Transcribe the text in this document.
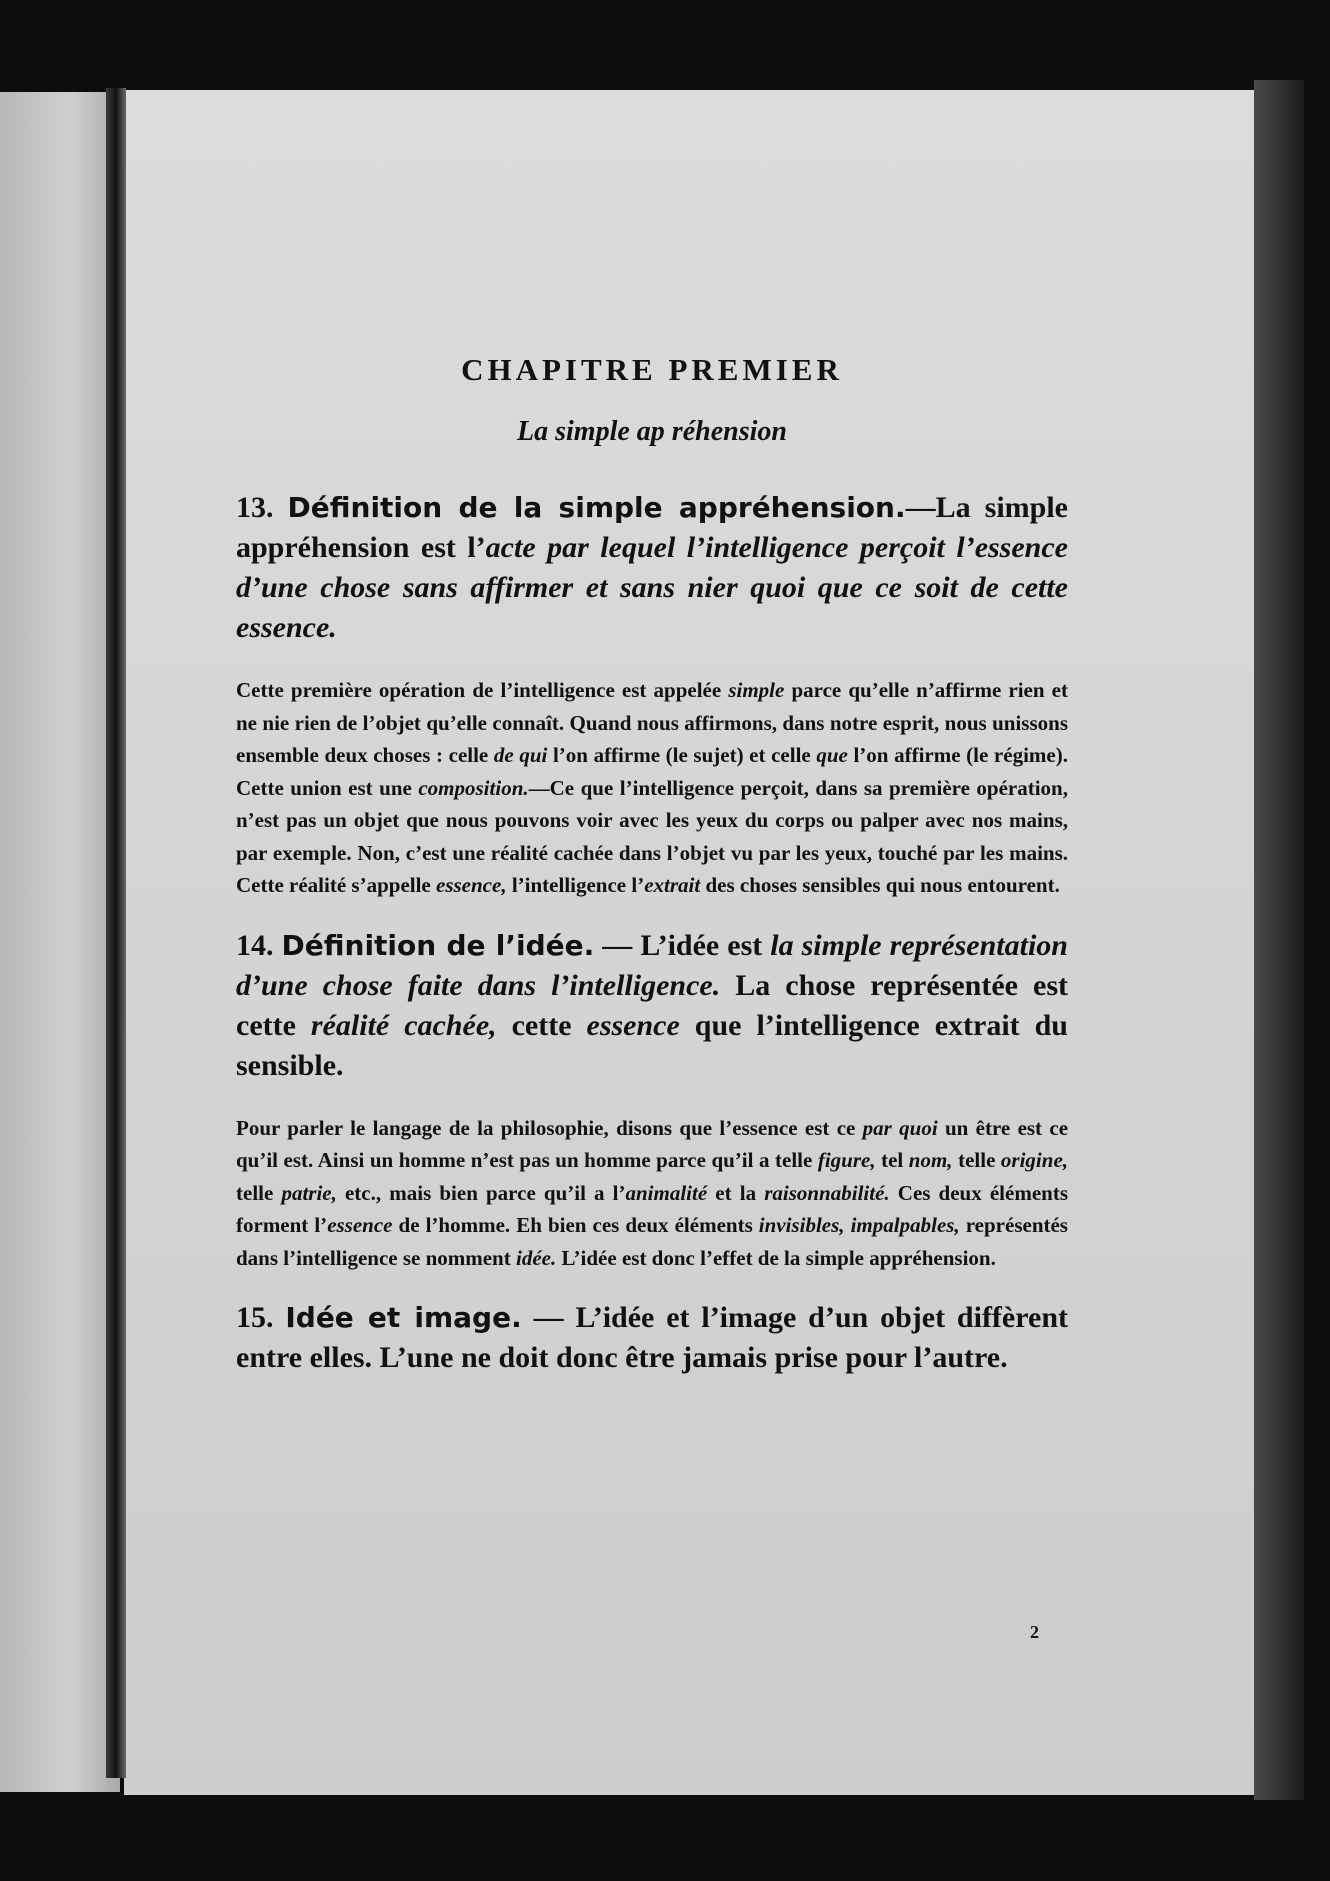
CHAPITRE PREMIER
La simple ap réhension
13. Définition de la simple appréhension.—La simple appréhension est l’acte par lequel l’intelligence perçoit l’essence d’une chose sans affirmer et sans nier quoi que ce soit de cette essence.
Cette première opération de l’intelligence est appelée simple parce qu’elle n’affirme rien et ne nie rien de l’objet qu’elle connaît. Quand nous affirmons, dans notre esprit, nous unissons ensemble deux choses : celle de qui l’on affirme (le sujet) et celle que l’on affirme (le régime). Cette union est une composition.—Ce que l’intelligence perçoit, dans sa première opération, n’est pas un objet que nous pouvons voir avec les yeux du corps ou palper avec nos mains, par exemple. Non, c’est une réalité cachée dans l’objet vu par les yeux, touché par les mains. Cette réalité s’appelle essence, l’intelligence l’extrait des choses sensibles qui nous entourent.
14. Définition de l’idée. — L’idée est la simple représentation d’une chose faite dans l’intelligence. La chose représentée est cette réalité cachée, cette essence que l’intelligence extrait du sensible.
Pour parler le langage de la philosophie, disons que l’essence est ce par quoi un être est ce qu’il est. Ainsi un homme n’est pas un homme parce qu’il a telle figure, tel nom, telle origine, telle patrie, etc., mais bien parce qu’il a l’animalité et la raisonnabilité. Ces deux éléments forment l’essence de l’homme. Eh bien ces deux éléments invisibles, impalpables, représentés dans l’intelligence se nomment idée. L’idée est donc l’effet de la simple appréhension.
15. Idée et image. — L’idée et l’image d’un objet diffèrent entre elles. L’une ne doit donc être jamais prise pour l’autre.
2
